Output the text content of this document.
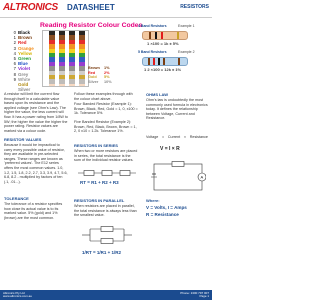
ALTRONICS DATASHEET	RESISTORS
Reading Resistor Colour Codes
0 Black
1 Brown
2 Red
3 Orange
4 Yellow
5 Green
6 Blue
7 Violet
8 Grey
9 White
Gold
Silver
4 Band Resistors	Example 1
1 ×100 = 1k ± 5%
5 Band Resistors	Example 2
1 2 ×100 = 12k ± 1%
Brown 1%
Red	2%
Gold	5%
Silver	10%
A resistor will limit the current flow through itself in a calculable value based upon its resistance and the applied voltage (see Ohm's Law). The higher the value, the less current will flow. It has a power rating from 1/8W to 5W; the higher the value the higher the power rating. Resistor values are marked via a colour code.
RESISTOR VALUES
Because it would be impractical to carry every possible value of resistor, they are available in pre-selected ranges. These ranges are known as 'preferred values'. The E12 series offers the most common values. 1.0, 1.2, 1.5, 1.8, 2.2, 2.7, 3.3, 3.9, 4.7, 5.6, 6.8, 8.2 - multiplied by factors of ten (.1, .01...).
TOLERANCE
The tolerance of a resistor specifies how close its actual value is to its marked value. 5% (gold) and 1% (brown) are the most common.
Follow these examples through with the colour chart above.
Four Banded Resistor (Example 1): Brown, Black, Red, Gold = 1, 0, x100 = 1k. Tolerance 5%.
Five Banded Resistor (Example 2): Brown, Red, Black, Brown, Brown = 1, 2, 0 x10 = 1.2k. Tolerance 1%.
RESISTORS IN SERIES
When two or more resistors are placed in series, the total resistance is the sum of the individual resistor values.
RT = R1 + R2 + R3
RESISTORS IN PARALLEL
When resistors are placed in parallel, the total resistance is always less than the smallest value.
1/RT = 1/R1 + 1/R2
OHMS LAW
Ohm's law is undoubtedly the most commonly used formula in electronics today. It defines the relationship between Voltage, Current and Resistance.
Voltage = Current × Resistance
V = I × R
A
Where:
V = Volts, I = Amps
R = Resistance
Altronics Pty Ltd
www.altronics.com.au
Phone: 1300 797 007
Page 1
